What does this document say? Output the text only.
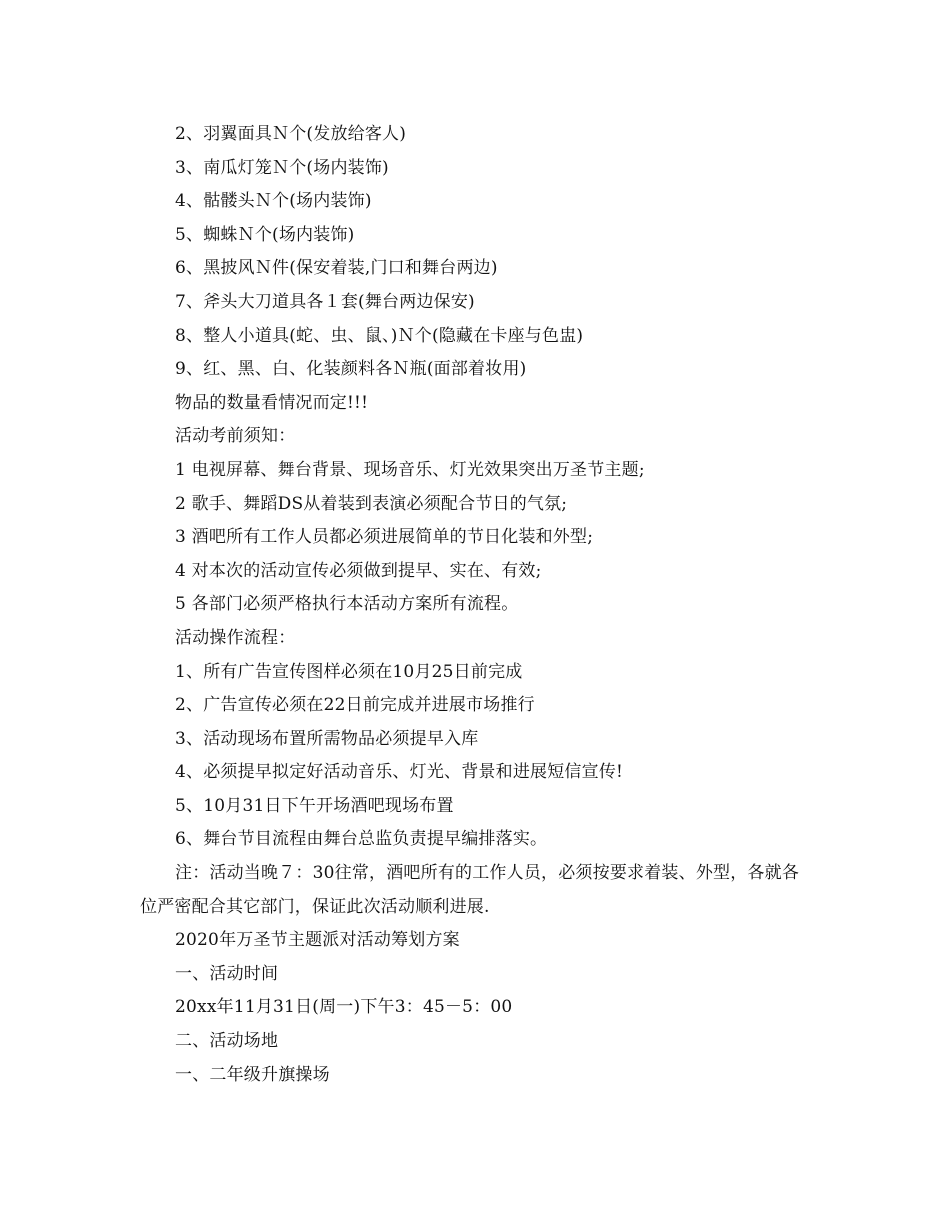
2、羽翼面具Ｎ个(发放给客人)
3、南瓜灯笼Ｎ个(场内装饰)
4、骷髅头Ｎ个(场内装饰)
5、蜘蛛Ｎ个(场内装饰)
6、黑披风Ｎ件(保安着装,门口和舞台两边)
7、斧头大刀道具各１套(舞台两边保安)
8、整人小道具(蛇、虫、鼠、)Ｎ个(隐藏在卡座与色盅)
9、红、黑、白、化装颜料各Ｎ瓶(面部着妆用)
物品的数量看情况而定!!!
活动考前须知：
1 电视屏幕、舞台背景、现场音乐、灯光效果突出万圣节主题;
2 歌手、舞蹈DS从着装到表演必须配合节日的气氛;
3 酒吧所有工作人员都必须进展简单的节日化装和外型;
4 对本次的活动宣传必须做到提早、实在、有效;
5 各部门必须严格执行本活动方案所有流程。
活动操作流程：
1、所有广告宣传图样必须在10月25日前完成
2、广告宣传必须在22日前完成并进展市场推行
3、活动现场布置所需物品必须提早入库
4、必须提早拟定好活动音乐、灯光、背景和进展短信宣传!
5、10月31日下午开场酒吧现场布置
6、舞台节目流程由舞台总监负责提早编排落实。

注：活动当晚７：30往常，酒吧所有的工作人员，必须按要求着装、外型，各就各位严密配合其它部门，保证此次活动顺利进展.

2020年万圣节主题派对活动筹划方案
一、活动时间
20xx年11月31日(周一)下午3：45－5：00
二、活动场地
一、二年级升旗操场
